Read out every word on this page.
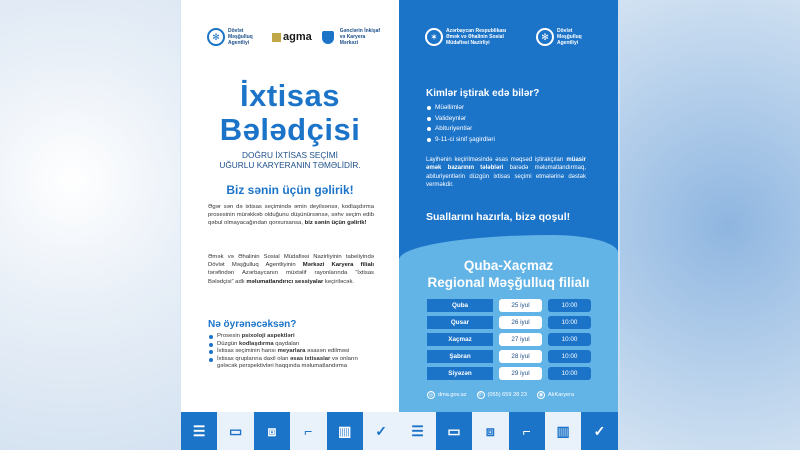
✻
Dövlət Məşğulluq Agentliyi	agma	Gənclərin İnkişaf və Karyera Mərkəzi
İxtisas
Bələdçisi
DOĞRU İXTİSAS SEÇİMİ
UĞURLU KARYERANIN TƏMƏLİDİR.
Biz sənin üçün gəlirik!
Əgər sən də ixtisas seçimində əmin deyilsənsə, kodlaşdırma prosesinin mürəkkəb olduğunu düşünürsənsə, səhv seçim edib qəbul olmayacağından qorxursansa, biz sənin üçün gəlirik!
Əmək və Əhalinin Sosial Müdafiəsi Nazirliyinin tabeliyində Dövlət Məşğulluq Agentliyinin Mərkəzi Karyera filialı tərəfindən Azərbaycanın müxtəlif rayonlarında “İxtisas Bələdçisi” adlı məlumatlandırıcı sessiyalar keçiriləcək.
Nə öyrənəcəksən?
Prosesin psixoloji aspektləri
Düzgün kodlaşdırma qaydaları
İxtisas seçiminin hansı meyarlara əsasən edilməsi
İxtisas qruplarına daxil olan əsas ixtisaslar və onların gələcək perspektivləri haqqında məlumatlandırma
✶
Azərbaycan Respublikası Əmək və Əhalinin Sosial Müdafiəsi Nazirliyi
✻
Dövlət Məşğulluq Agentliyi
Kimlər iştirak edə bilər?
Müəllimlər
Valideynlər
Abituriyentlər
9-11-ci sinif şagirdləri
Layihənin keçirilməsində əsas məqsəd iştirakçıları müasir əmək bazarının tələbləri barədə məlumatlandırmaq, abituriyentlərin düzgün ixtisas seçimi etmələrinə dəstək verməkdir.
Suallarını hazırla, bizə qoşul!
Quba-Xaçmaz
Regional Məşğulluq filialı
Quba	25 iyul	10:00
Qusar	26 iyul	10:00
Xaçmaz	27 iyul	10:00
Şabran	28 iyul	10:00
Siyəzən	29 iyul	10:00
◎ dma.gov.az	✆ (055) 659 28 23	◉ AlıKaryera
☰ ▭ ⧈ ⌐ ▥ ✓ ☰ ▭ ⧈ ⌐ ▥ ✓
